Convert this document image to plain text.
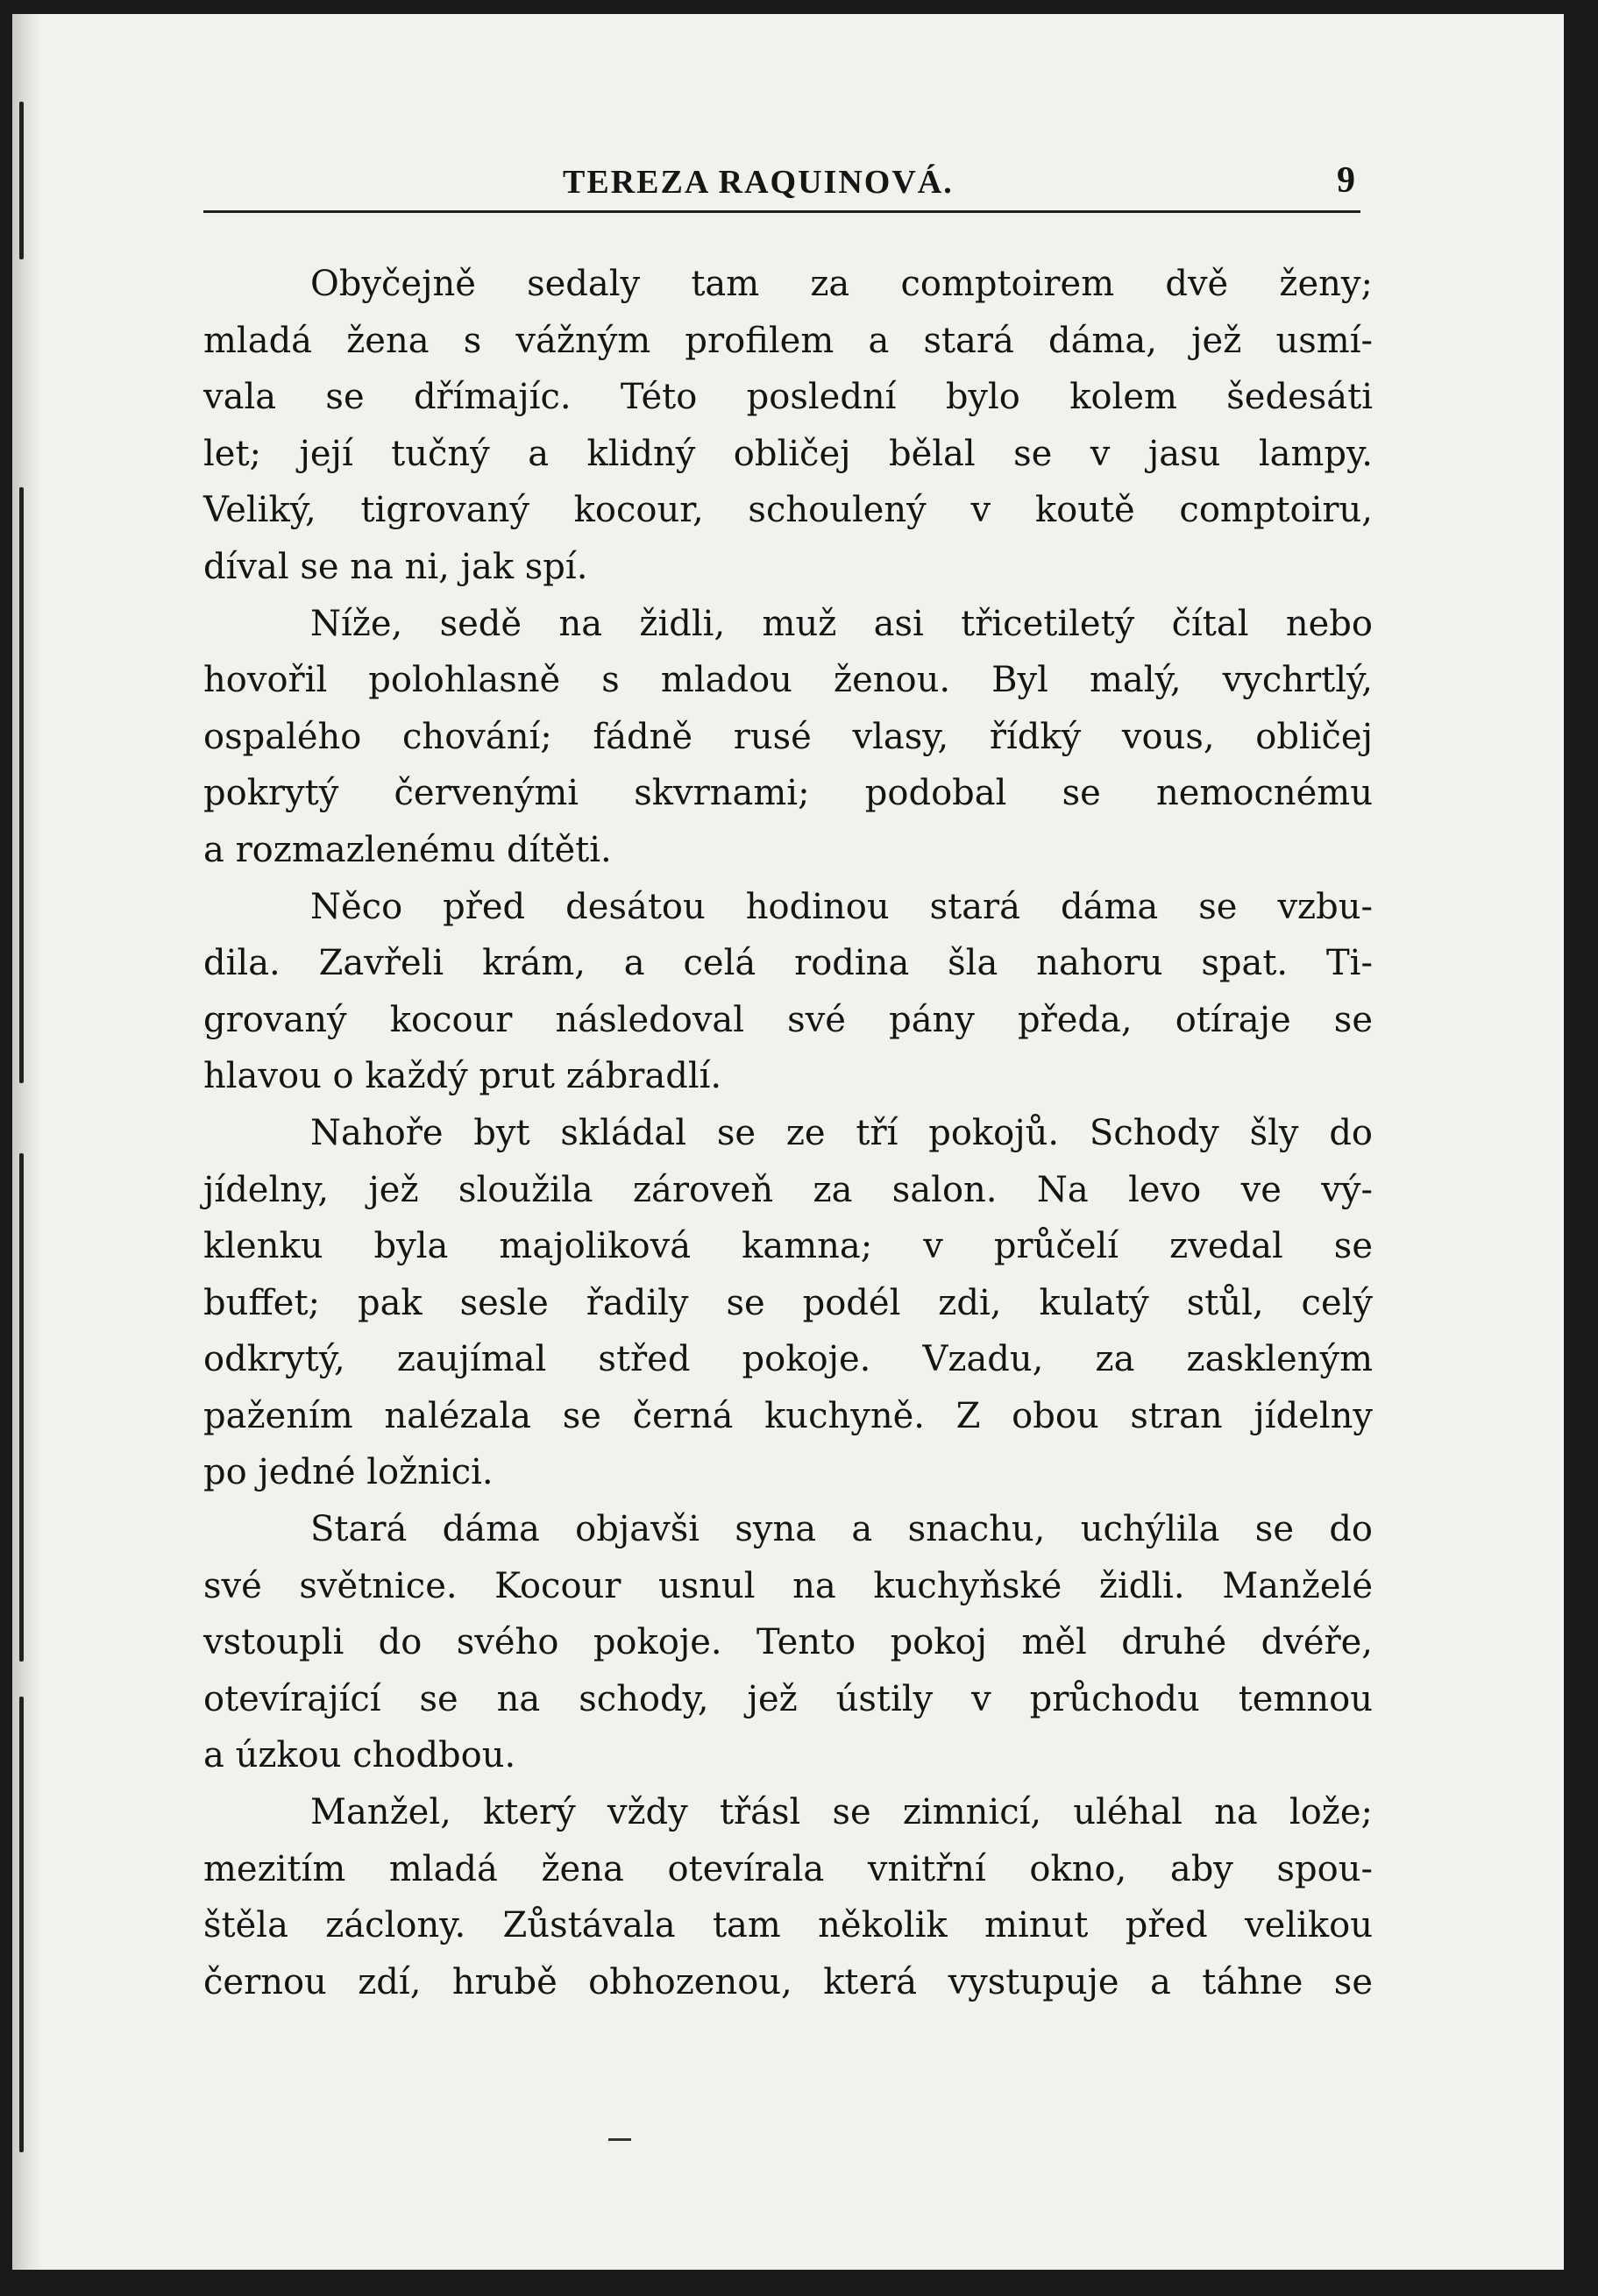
TEREZA RAQUINOVÁ.	9
Obyčejně sedaly tam za comptoirem dvě ženy;
mladá žena s vážným profilem a stará dáma, jež usmí-
vala se dřímajíc. Této poslední bylo kolem šedesáti
let; její tučný a klidný obličej bělal se v jasu lampy.
Veliký, tigrovaný kocour, schoulený v koutě comptoiru,
díval se na ni, jak spí.
Níže, sedě na židli, muž asi třicetiletý čítal nebo
hovořil polohlasně s mladou ženou. Byl malý, vychrtlý,
ospalého chování; fádně rusé vlasy, řídký vous, obličej
pokrytý červenými skvrnami; podobal se nemocnému
a rozmazlenému dítěti.
Něco před desátou hodinou stará dáma se vzbu-
dila. Zavřeli krám, a celá rodina šla nahoru spat. Ti-
grovaný kocour následoval své pány předa, otíraje se
hlavou o každý prut zábradlí.
Nahoře byt skládal se ze tří pokojů. Schody šly do
jídelny, jež sloužila zároveň za salon. Na levo ve vý-
klenku byla majoliková kamna; v průčelí zvedal se
buffet; pak sesle řadily se podél zdi, kulatý stůl, celý
odkrytý, zaujímal střed pokoje. Vzadu, za zaskleným
pažením nalézala se černá kuchyně. Z obou stran jídelny
po jedné ložnici.
Stará dáma objavši syna a snachu, uchýlila se do
své světnice. Kocour usnul na kuchyňské židli. Manželé
vstoupli do svého pokoje. Tento pokoj měl druhé dvéře,
otevírající se na schody, jež ústily v průchodu temnou
a úzkou chodbou.
Manžel, který vždy třásl se zimnicí, uléhal na lože;
mezitím mladá žena otevírala vnitřní okno, aby spou-
štěla záclony. Zůstávala tam několik minut před velikou
černou zdí, hrubě obhozenou, která vystupuje a táhne se
